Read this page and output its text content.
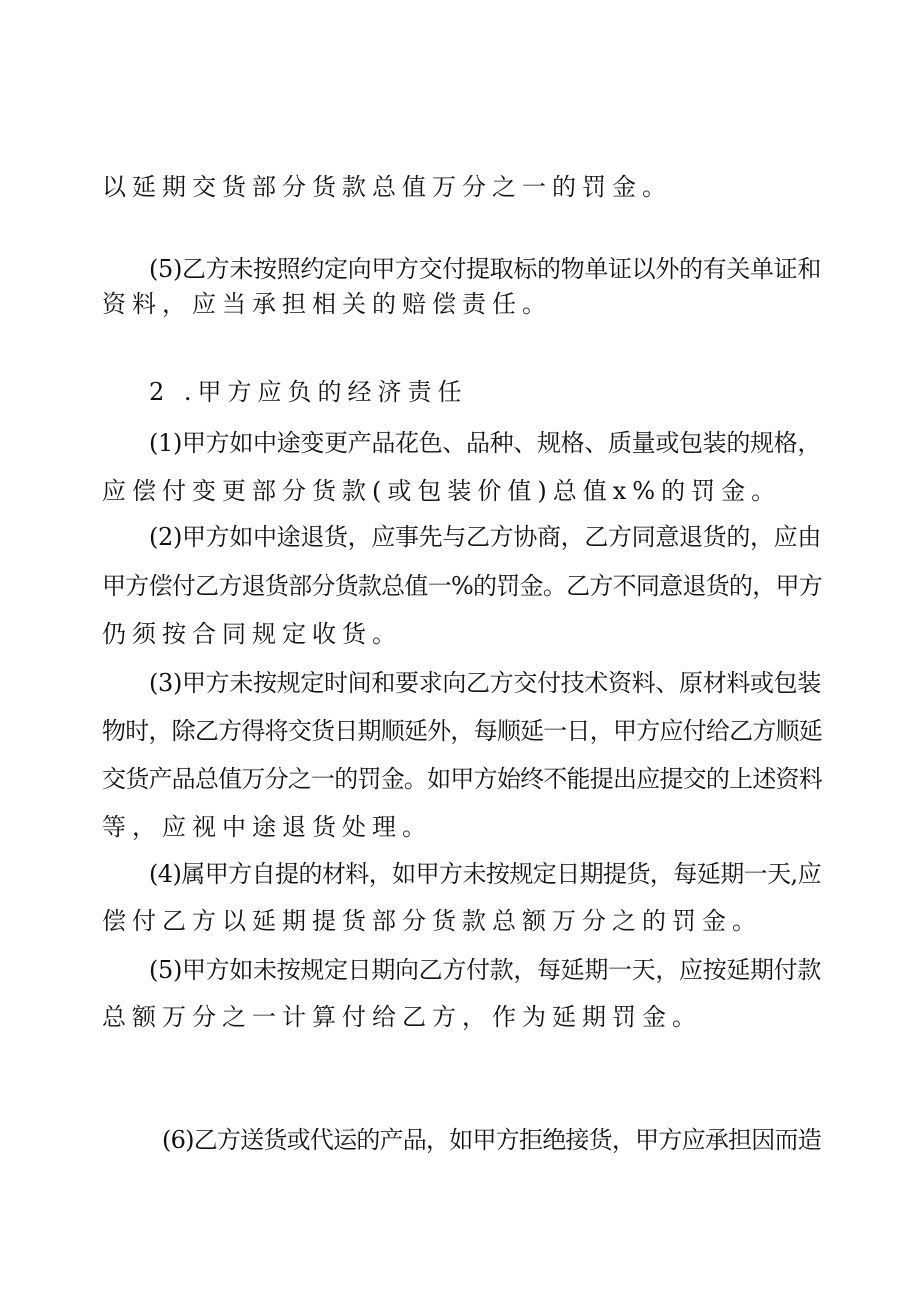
以延期交货部分货款总值万分之一的罚金。
(5)乙方未按照约定向甲方交付提取标的物单证以外的有关单证和
资料，应当承担相关的赔偿责任。
2 .甲方应负的经济责任
(1)甲方如中途变更产品花色、品种、规格、质量或包装的规格，
应偿付变更部分货款(或包装价值)总值x%的罚金。
(2)甲方如中途退货，应事先与乙方协商，乙方同意退货的，应由
甲方偿付乙方退货部分货款总值一%的罚金。乙方不同意退货的，甲方
仍须按合同规定收货。
(3)甲方未按规定时间和要求向乙方交付技术资料、原材料或包装
物时，除乙方得将交货日期顺延外，每顺延一日，甲方应付给乙方顺延
交货产品总值万分之一的罚金。如甲方始终不能提出应提交的上述资料
等，应视中途退货处理。
(4)属甲方自提的材料，如甲方未按规定日期提货，每延期一天,应
偿付乙方以延期提货部分货款总额万分之的罚金。
(5)甲方如未按规定日期向乙方付款，每延期一天，应按延期付款
总额万分之一计算付给乙方，作为延期罚金。
(6)乙方送货或代运的产品，如甲方拒绝接货，甲方应承担因而造
